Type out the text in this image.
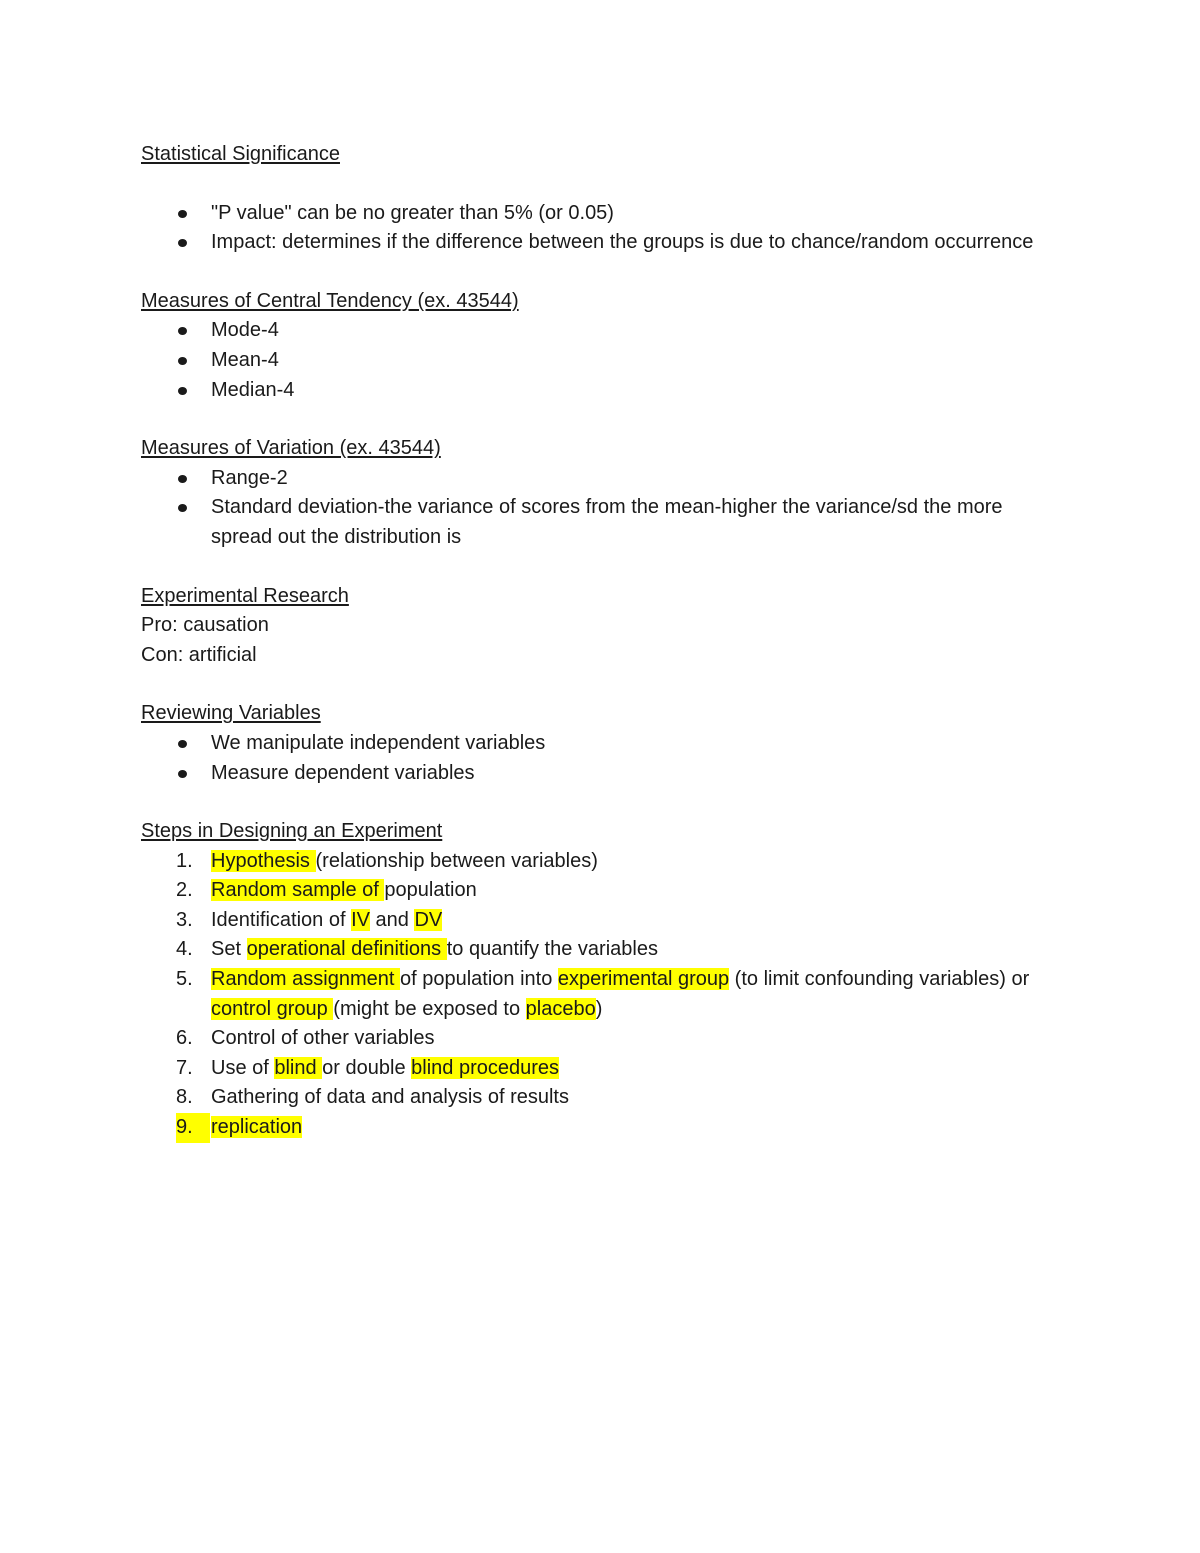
Statistical Significance
"P value" can be no greater than 5% (or 0.05)
Impact: determines if the difference between the groups is due to chance/random occurrence
Measures of Central Tendency (ex. 43544)
Mode-4
Mean-4
Median-4
Measures of Variation (ex. 43544)
Range-2
Standard deviation-the variance of scores from the mean-higher the variance/sd the more spread out the distribution is
Experimental Research
Pro: causation
Con: artificial
Reviewing Variables
We manipulate independent variables
Measure dependent variables
Steps in Designing an Experiment
1. Hypothesis (relationship between variables)
2. Random sample of population
3. Identification of IV and DV
4. Set operational definitions to quantify the variables
5. Random assignment of population into experimental group (to limit confounding variables) or control group (might be exposed to placebo)
6. Control of other variables
7. Use of blind or double blind procedures
8. Gathering of data and analysis of results
9. replication
